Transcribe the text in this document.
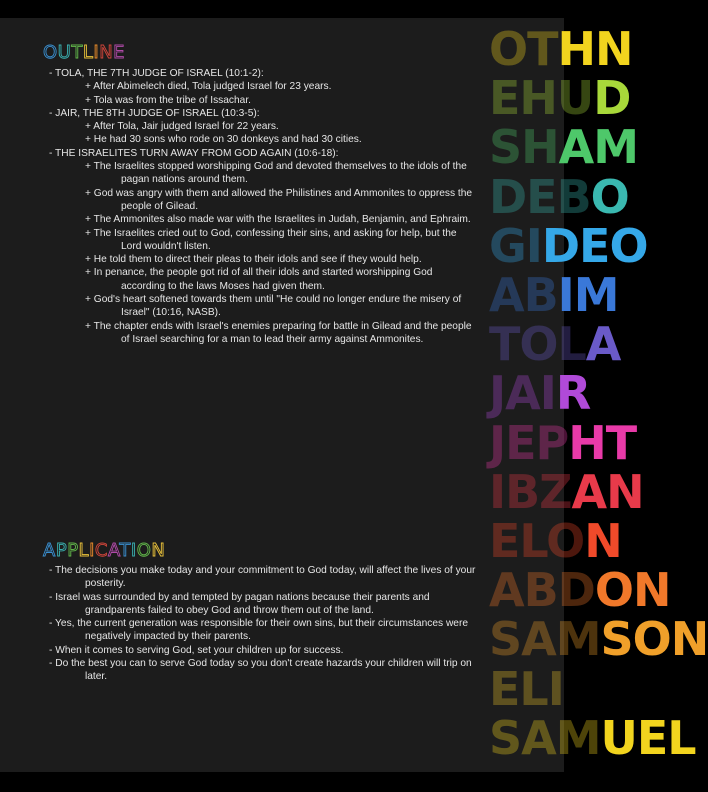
OTHN
EHUD
SHAM
DEBO
GIDEO
ABIM
TOLA
JAIR
JEPHT
IBZAN
ELON
ABDON
SAMSON
ELI
SAMUEL
OUTLINE
- TOLA, THE 7TH JUDGE OF ISRAEL (10:1-2):
+ After Abimelech died, Tola judged Israel for 23 years.
+ Tola was from the tribe of Issachar.
- JAIR, THE 8TH JUDGE OF ISRAEL (10:3-5):
+ After Tola, Jair judged Israel for 22 years.
+ He had 30 sons who rode on 30 donkeys and had 30 cities.
- THE ISRAELITES TURN AWAY FROM GOD AGAIN (10:6-18):
+ The Israelites stopped worshipping God and devoted themselves to the idols of the pagan nations around them.
+ God was angry with them and allowed the Philistines and Ammonites to oppress the people of Gilead.
+ The Ammonites also made war with the Israelites in Judah, Benjamin, and Ephraim.
+ The Israelites cried out to God, confessing their sins, and asking for help, but the Lord wouldn't listen.
+ He told them to direct their pleas to their idols and see if they would help.
+ In penance, the people got rid of all their idols and started worshipping God according to the laws Moses had given them.
+ God's heart softened towards them until "He could no longer endure the misery of Israel" (10:16, NASB).
+ The chapter ends with Israel's enemies preparing for battle in Gilead and the people of Israel searching for a man to lead their army against Ammonites.
APPLICATION
- The decisions you make today and your commitment to God today, will affect the lives of your posterity.
- Israel was surrounded by and tempted by pagan nations because their parents and grandparents failed to obey God and throw them out of the land.
- Yes, the current generation was responsible for their own sins, but their circumstances were negatively impacted by their parents.
- When it comes to serving God, set your children up for success.
- Do the best you can to serve God today so you don't create hazards your children will trip on later.
